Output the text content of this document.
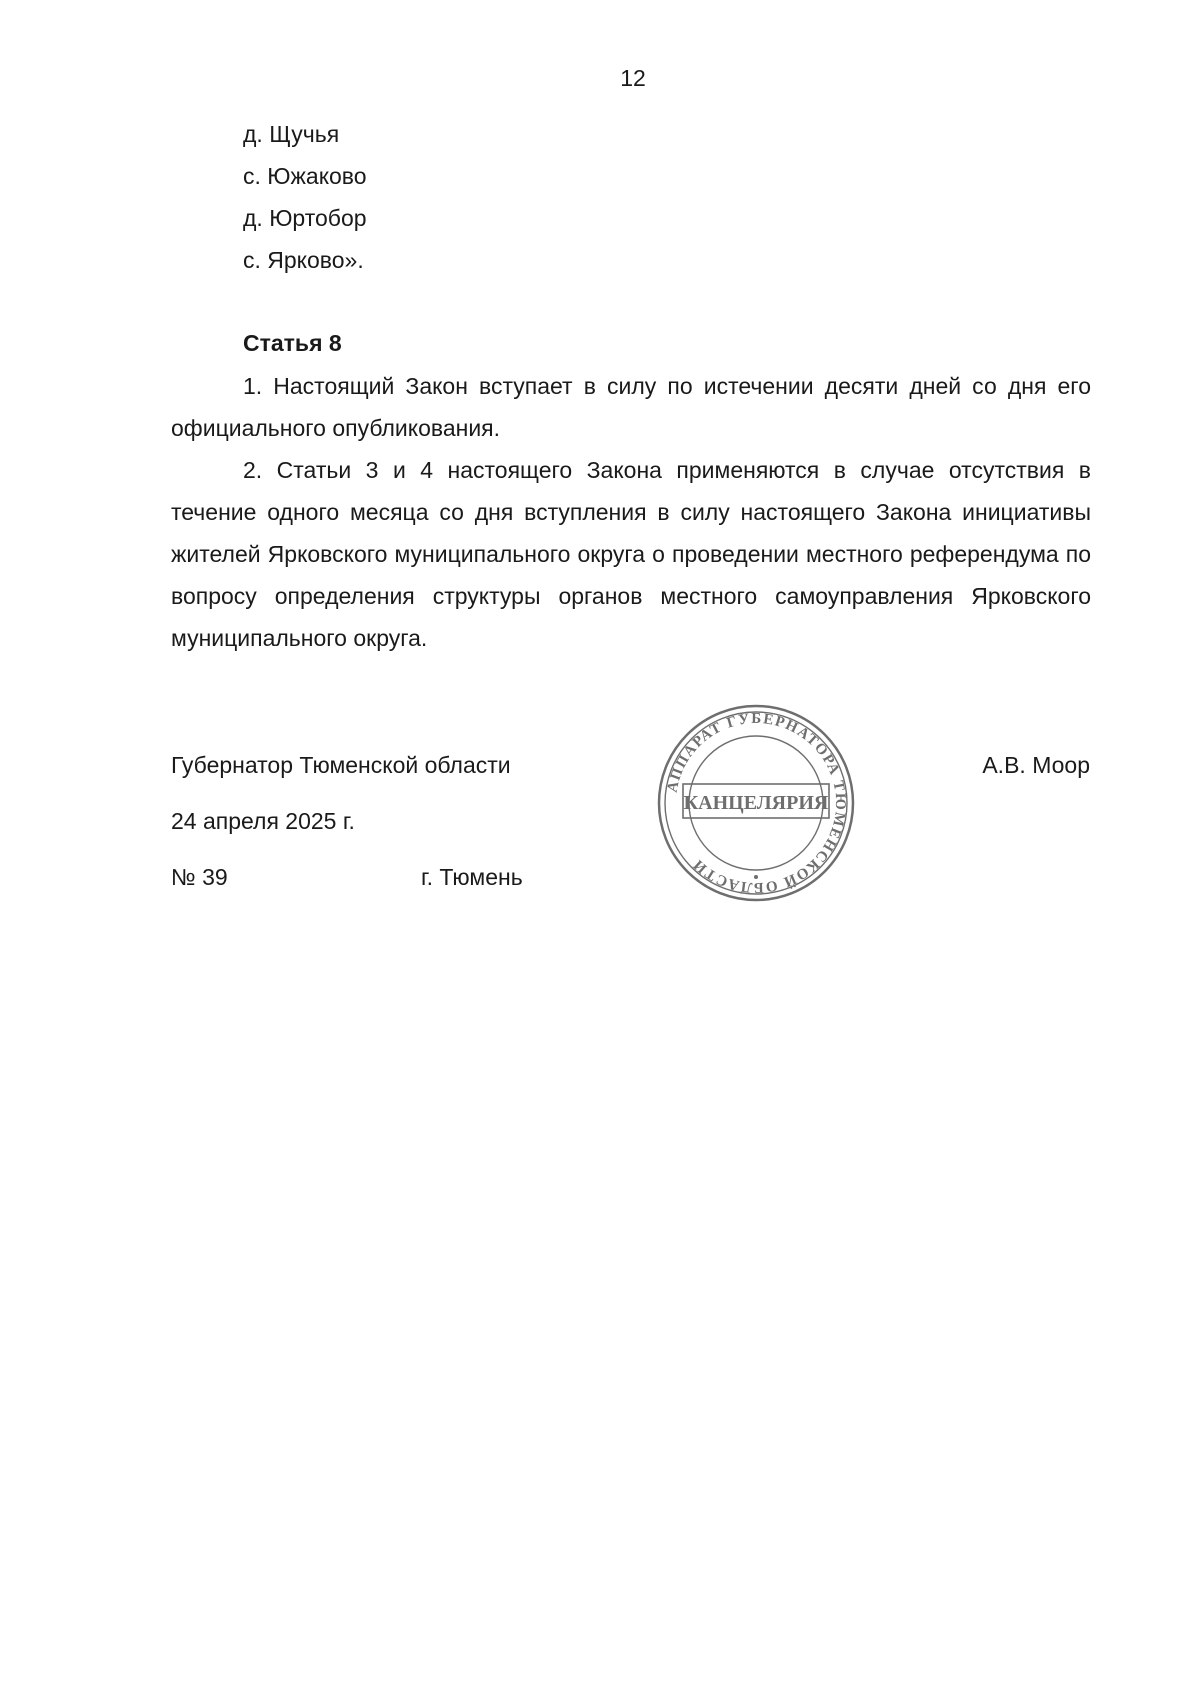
12
д. Щучья
с. Южаково
д. Юртобор
с. Ярково».
Статья 8

1. Настоящий Закон вступает в силу по истечении десяти дней со дня его официального опубликования.

2. Статьи 3 и 4 настоящего Закона применяются в случае отсутствия в течение одного месяца со дня вступления в силу настоящего Закона инициативы жителей Ярковского муниципального округа о проведении местного референдума по вопросу определения структуры органов местного самоуправления Ярковского муниципального округа.

Губернатор Тюменской области	А.В. Моор
24 апреля 2025 г.
№ 39	г. Тюмень
АППАРАТ ГУБЕРНАТОРА ТЮМЕНСКОЙ ОБЛАСТИ
КАНЦЕЛЯРИЯ
